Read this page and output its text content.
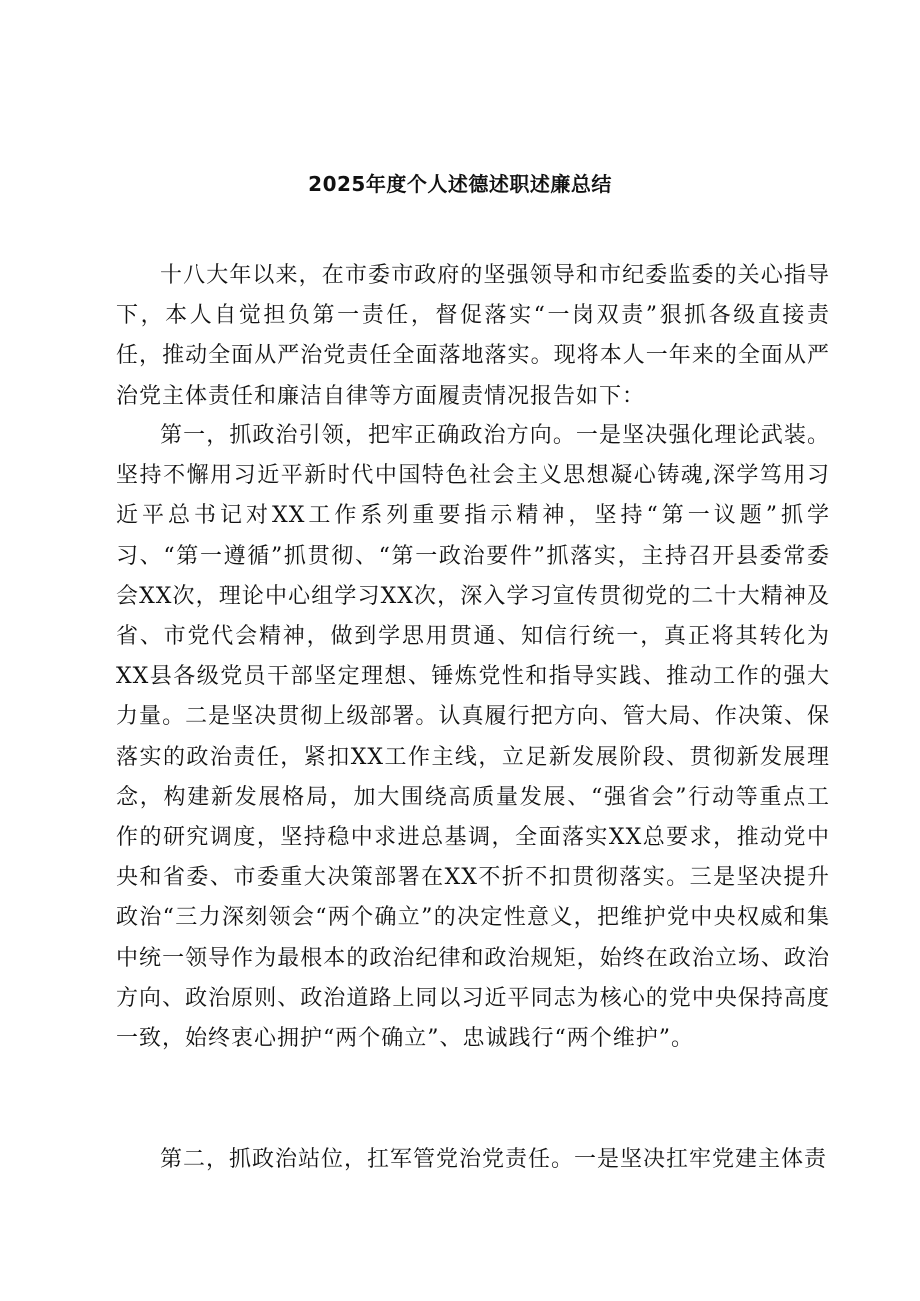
2025年度个人述德述职述廉总结

十八大年以来，在市委市政府的坚强领导和市纪委监委的关心指导下，本人自觉担负第一责任，督促落实“一岗双责”狠抓各级直接责任，推动全面从严治党责任全面落地落实。现将本人一年来的全面从严治党主体责任和廉洁自律等方面履责情况报告如下：

第一，抓政治引领，把牢正确政治方向。一是坚决强化理论武装。坚持不懈用习近平新时代中国特色社会主义思想凝心铸魂,深学笃用习近平总书记对XX工作系列重要指示精神，坚持“第一议题”抓学习、“第一遵循”抓贯彻、“第一政治要件”抓落实，主持召开县委常委会XX次，理论中心组学习XX次，深入学习宣传贯彻党的二十大精神及省、市党代会精神，做到学思用贯通、知信行统一，真正将其转化为XX县各级党员干部坚定理想、锤炼党性和指导实践、推动工作的强大力量。二是坚决贯彻上级部署。认真履行把方向、管大局、作决策、保落实的政治责任，紧扣XX工作主线，立足新发展阶段、贯彻新发展理念，构建新发展格局，加大围绕高质量发展、“强省会”行动等重点工作的研究调度，坚持稳中求进总基调，全面落实XX总要求，推动党中央和省委、市委重大决策部署在XX不折不扣贯彻落实。三是坚决提升政治“三力深刻领会“两个确立”的决定性意义，把维护党中央权威和集中统一领导作为最根本的政治纪律和政治规矩，始终在政治立场、政治方向、政治原则、政治道路上同以习近平同志为核心的党中央保持高度一致，始终衷心拥护“两个确立”、忠诚践行“两个维护”。

第二，抓政治站位，扛军管党治党责任。一是坚决扛牢党建主体责
